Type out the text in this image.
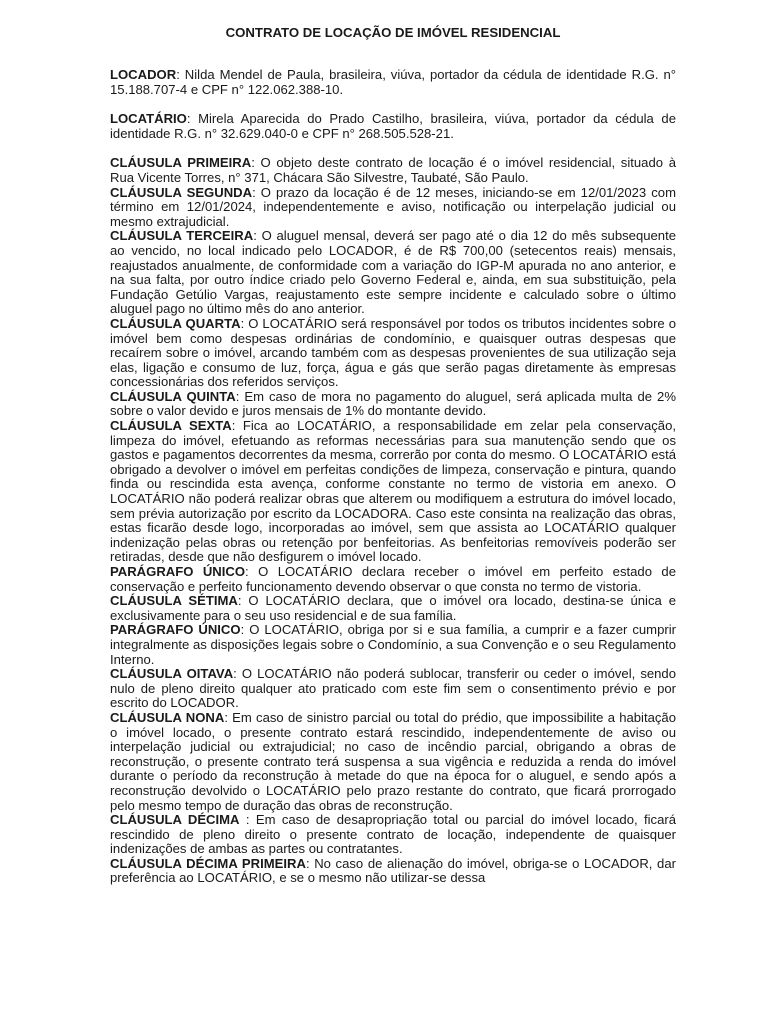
CONTRATO DE LOCAÇÃO DE IMÓVEL RESIDENCIAL

LOCADOR: Nilda Mendel de Paula, brasileira, viúva, portador da cédula de identidade R.G. n° 15.188.707-4 e CPF n° 122.062.388-10.

LOCATÁRIO: Mirela Aparecida do Prado Castilho, brasileira, viúva, portador da cédula de identidade R.G. n° 32.629.040-0 e CPF n° 268.505.528-21.

CLÁUSULA PRIMEIRA: O objeto deste contrato de locação é o imóvel residencial, situado à Rua Vicente Torres, n° 371, Chácara São Silvestre, Taubaté, São Paulo.

CLÁUSULA SEGUNDA: O prazo da locação é de 12 meses, iniciando-se em 12/01/2023 com término em 12/01/2024, independentemente e aviso, notificação ou interpelação judicial ou mesmo extrajudicial.

CLÁUSULA TERCEIRA: O aluguel mensal, deverá ser pago até o dia 12 do mês subsequente ao vencido, no local indicado pelo LOCADOR, é de R$ 700,00 (setecentos reais) mensais, reajustados anualmente, de conformidade com a variação do IGP-M apurada no ano anterior, e na sua falta, por outro índice criado pelo Governo Federal e, ainda, em sua substituição, pela Fundação Getúlio Vargas, reajustamento este sempre incidente e calculado sobre o último aluguel pago no último mês do ano anterior.

CLÁUSULA QUARTA: O LOCATÁRIO será responsável por todos os tributos incidentes sobre o imóvel bem como despesas ordinárias de condomínio, e quaisquer outras despesas que recaírem sobre o imóvel, arcando também com as despesas provenientes de sua utilização seja elas, ligação e consumo de luz, força, água e gás que serão pagas diretamente às empresas concessionárias dos referidos serviços.

CLÁUSULA QUINTA: Em caso de mora no pagamento do aluguel, será aplicada multa de 2% sobre o valor devido e juros mensais de 1% do montante devido.

CLÁUSULA SEXTA: Fica ao LOCATÁRIO, a responsabilidade em zelar pela conservação, limpeza do imóvel, efetuando as reformas necessárias para sua manutenção sendo que os gastos e pagamentos decorrentes da mesma, correrão por conta do mesmo. O LOCATÁRIO está obrigado a devolver o imóvel em perfeitas condições de limpeza, conservação e pintura, quando finda ou rescindida esta avença, conforme constante no termo de vistoria em anexo. O LOCATÁRIO não poderá realizar obras que alterem ou modifiquem a estrutura do imóvel locado, sem prévia autorização por escrito da LOCADORA. Caso este consinta na realização das obras, estas ficarão desde logo, incorporadas ao imóvel, sem que assista ao LOCATÁRIO qualquer indenização pelas obras ou retenção por benfeitorias. As benfeitorias removíveis poderão ser retiradas, desde que não desfigurem o imóvel locado.

PARÁGRAFO ÚNICO: O LOCATÁRIO declara receber o imóvel em perfeito estado de conservação e perfeito funcionamento devendo observar o que consta no termo de vistoria.

CLÁUSULA SÉTIMA: O LOCATÁRIO declara, que o imóvel ora locado, destina-se única e exclusivamente para o seu uso residencial e de sua família.

PARÁGRAFO ÚNICO: O LOCATÁRIO, obriga por si e sua família, a cumprir e a fazer cumprir integralmente as disposições legais sobre o Condomínio, a sua Convenção e o seu Regulamento Interno.

CLÁUSULA OITAVA: O LOCATÁRIO não poderá sublocar, transferir ou ceder o imóvel, sendo nulo de pleno direito qualquer ato praticado com este fim sem o consentimento prévio e por escrito do LOCADOR.

CLÁUSULA NONA: Em caso de sinistro parcial ou total do prédio, que impossibilite a habitação o imóvel locado, o presente contrato estará rescindido, independentemente de aviso ou interpelação judicial ou extrajudicial; no caso de incêndio parcial, obrigando a obras de reconstrução, o presente contrato terá suspensa a sua vigência e reduzida a renda do imóvel durante o período da reconstrução à metade do que na época for o aluguel, e sendo após a reconstrução devolvido o LOCATÁRIO pelo prazo restante do contrato, que ficará prorrogado pelo mesmo tempo de duração das obras de reconstrução.

CLÁUSULA DÉCIMA : Em caso de desapropriação total ou parcial do imóvel locado, ficará rescindido de pleno direito o presente contrato de locação, independente de quaisquer indenizações de ambas as partes ou contratantes.

CLÁUSULA DÉCIMA PRIMEIRA: No caso de alienação do imóvel, obriga-se o LOCADOR, dar preferência ao LOCATÁRIO, e se o mesmo não utilizar-se dessa
